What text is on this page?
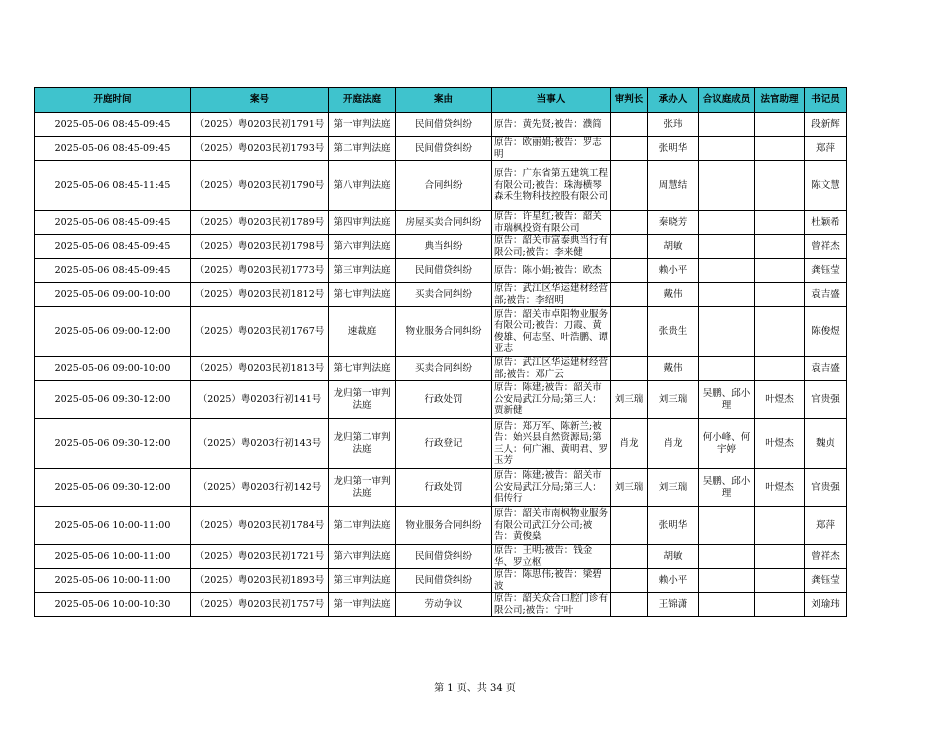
开庭时间	案号	开庭法庭	案由	当事人	审判长	承办人	合议庭成员	法官助理	书记员
2025-05-06 08:45-09:45	（2025）粤0203民初1791号	第一审判法庭	民间借贷纠纷	原告：黄先贤;被告：濮简		张玮			段新辉
2025-05-06 08:45-09:45	（2025）粤0203民初1793号	第二审判法庭	民间借贷纠纷	原告：欧丽娟;被告：罗志明		张明华			郑萍
2025-05-06 08:45-11:45	（2025）粤0203民初1790号	第八审判法庭	合同纠纷	原告：广东省第五建筑工程有限公司;被告：珠海横琴森禾生物科技控股有限公司		周慧结			陈文慧
2025-05-06 08:45-09:45	（2025）粤0203民初1789号	第四审判法庭	房屋买卖合同纠纷	原告：许星红;被告：韶关市瑞枫投资有限公司		秦晓芳			杜颖希
2025-05-06 08:45-09:45	（2025）粤0203民初1798号	第六审判法庭	典当纠纷	原告：韶关市富泰典当行有限公司;被告：李来健		胡敏			曾祥杰
2025-05-06 08:45-09:45	（2025）粤0203民初1773号	第三审判法庭	民间借贷纠纷	原告：陈小娟;被告：欧杰		赖小平			龚钰莹
2025-05-06 09:00-10:00	（2025）粤0203民初1812号	第七审判法庭	买卖合同纠纷	原告：武江区华运建材经营部;被告：李绍明		戴伟			袁吉盛
2025-05-06 09:00-12:00	（2025）粤0203民初1767号	速裁庭	物业服务合同纠纷	原告：韶关市卓阳物业服务有限公司;被告：刀霞、黄俊雄、何志坚、叶浩鹏、谭亚志		张贵生			陈俊煜
2025-05-06 09:00-10:00	（2025）粤0203民初1813号	第七审判法庭	买卖合同纠纷	原告：武江区华运建材经营部;被告：邓广云		戴伟			袁吉盛
2025-05-06 09:30-12:00	（2025）粤0203行初141号	龙归第一审判法庭	行政处罚	原告：陈建;被告：韶关市公安局武江分局;第三人：贾新健	刘三瑞	刘三瑞	吴鹏、邱小理	叶煜杰	官贵强
2025-05-06 09:30-12:00	（2025）粤0203行初143号	龙归第二审判法庭	行政登记	原告：郑万军、陈新兰;被告：始兴县自然资源局;第三人：何广湘、黄明君、罗玉芳	肖龙	肖龙	何小峰、何宇婷	叶煜杰	魏贞
2025-05-06 09:30-12:00	（2025）粤0203行初142号	龙归第一审判法庭	行政处罚	原告：陈建;被告：韶关市公安局武江分局;第三人：佀传行	刘三瑞	刘三瑞	吴鹏、邱小理	叶煜杰	官贵强
2025-05-06 10:00-11:00	（2025）粤0203民初1784号	第二审判法庭	物业服务合同纠纷	原告：韶关市南枫物业服务有限公司武江分公司;被告：黄俊燊		张明华			郑萍
2025-05-06 10:00-11:00	（2025）粤0203民初1721号	第六审判法庭	民间借贷纠纷	原告：王明;被告：钱金华、罗立枢		胡敏			曾祥杰
2025-05-06 10:00-11:00	（2025）粤0203民初1893号	第三审判法庭	民间借贷纠纷	原告：陈思伟;被告：梁碧波		赖小平			龚钰莹
2025-05-06 10:00-10:30	（2025）粤0203民初1757号	第一审判法庭	劳动争议	原告：韶关众合口腔门诊有限公司;被告：宁叶		王锦潇			刘瑜玮
第 1 页、共 34 页
